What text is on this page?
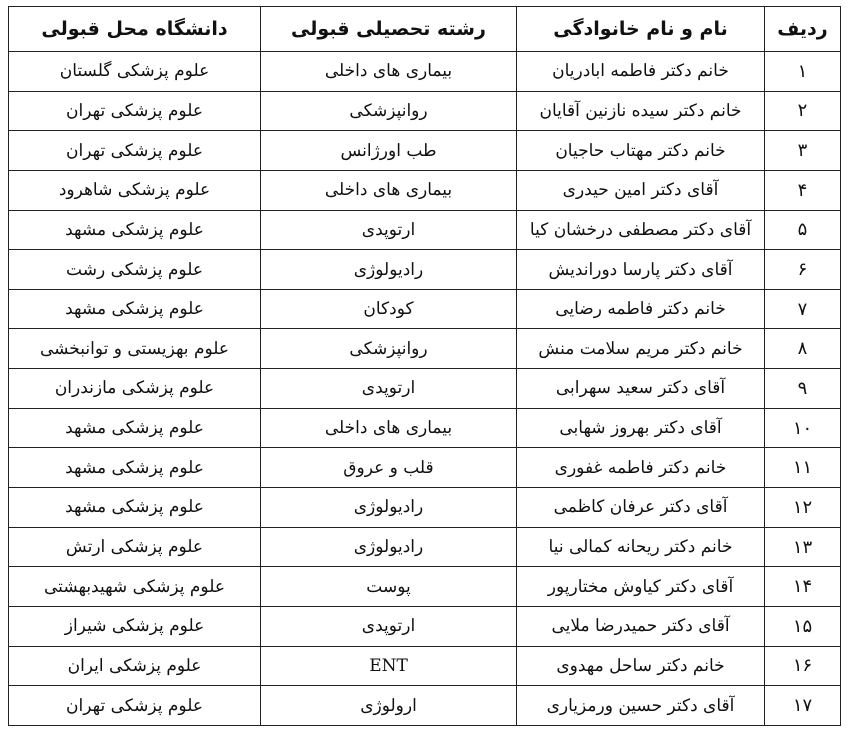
ردیف	نام و نام خانوادگی	رشته تحصیلی قبولی	دانشگاه محل قبولی
۱	خانم دکتر فاطمه ابادریان	بیماری های داخلی	علوم پزشکی گلستان
۲	خانم دکتر سیده نازنین آقایان	روانپزشکی	علوم پزشکی تهران
۳	خانم دکتر مهتاب حاجیان	طب اورژانس	علوم پزشکی تهران
۴	آقای دکتر امین حیدری	بیماری های داخلی	علوم پزشکی شاهرود
۵	آقای دکتر مصطفی درخشان کیا	ارتوپدی	علوم پزشکی مشهد
۶	آقای دکتر پارسا دوراندیش	رادیولوژی	علوم پزشکی رشت
۷	خانم دکتر فاطمه رضایی	کودکان	علوم پزشکی مشهد
۸	خانم دکتر مریم سلامت منش	روانپزشکی	علوم بهزیستی و توانبخشی
۹	آقای دکتر سعید سهرابی	ارتوپدی	علوم پزشکی مازندران
۱۰	آقای دکتر بهروز شهابی	بیماری های داخلی	علوم پزشکی مشهد
۱۱	خانم دکتر فاطمه غفوری	قلب و عروق	علوم پزشکی مشهد
۱۲	آقای دکتر عرفان کاظمی	رادیولوژی	علوم پزشکی مشهد
۱۳	خانم دکتر ریحانه کمالی نیا	رادیولوژی	علوم پزشکی ارتش
۱۴	آقای دکتر کیاوش مختارپور	پوست	علوم پزشکی شهیدبهشتی
۱۵	آقای دکتر حمیدرضا ملایی	ارتوپدی	علوم پزشکی شیراز
۱۶	خانم دکتر ساحل مهدوی	ENT	علوم پزشکی ایران
۱۷	آقای دکتر حسین ورمزیاری	ارولوژی	علوم پزشکی تهران
